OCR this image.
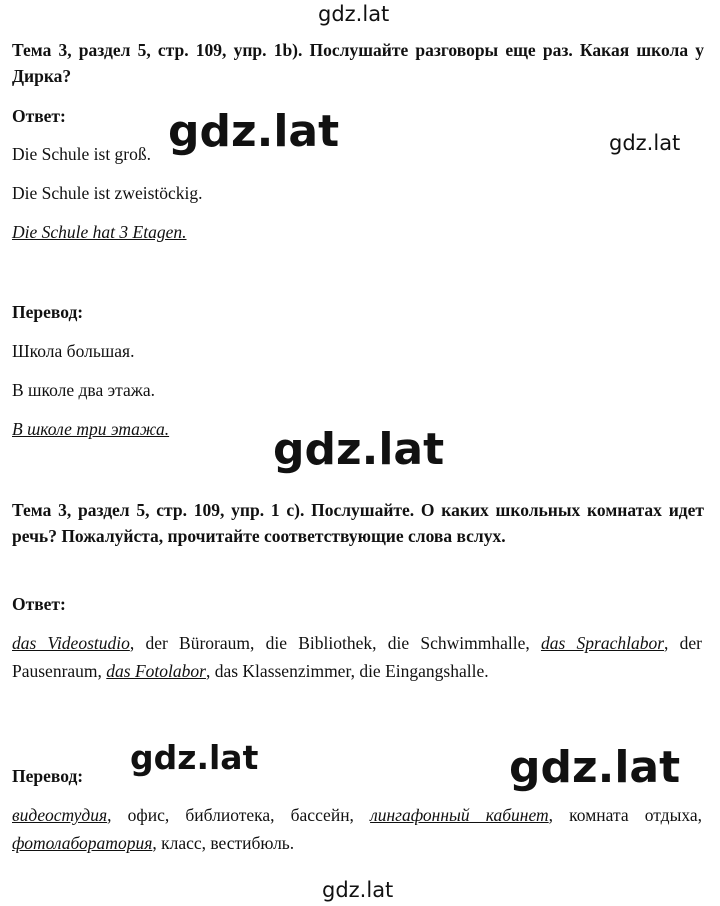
gdz.lat
gdz.lat	gdz.lat
gdz.lat
gdz.lat	gdz.lat
gdz.lat
Тема 3, раздел 5, стр. 109, упр. 1b). Послушайте разговоры еще раз. Какая школа у Дирка?
Ответ:
Die Schule ist groß.
Die Schule ist zweistöckig.
Die Schule hat 3 Etagen.
Перевод:
Школа большая.
В школе два этажа.
В школе три этажа.
Тема 3, раздел 5, стр. 109, упр. 1 с). Послушайте. О каких школьных комнатах идет речь? Пожалуйста, прочитайте соответствующие слова вслух.
Ответ:
das Videostudio, der Büroraum, die Bibliothek, die Schwimmhalle, das Sprachlabor, der Pausenraum, das Fotolabor, das Klassenzimmer, die Eingangshalle.
Перевод:
видеостудия, офис, библиотека, бассейн, лингафонный кабинет, комната отдыха, фотолаборатория, класс, вестибюль.
